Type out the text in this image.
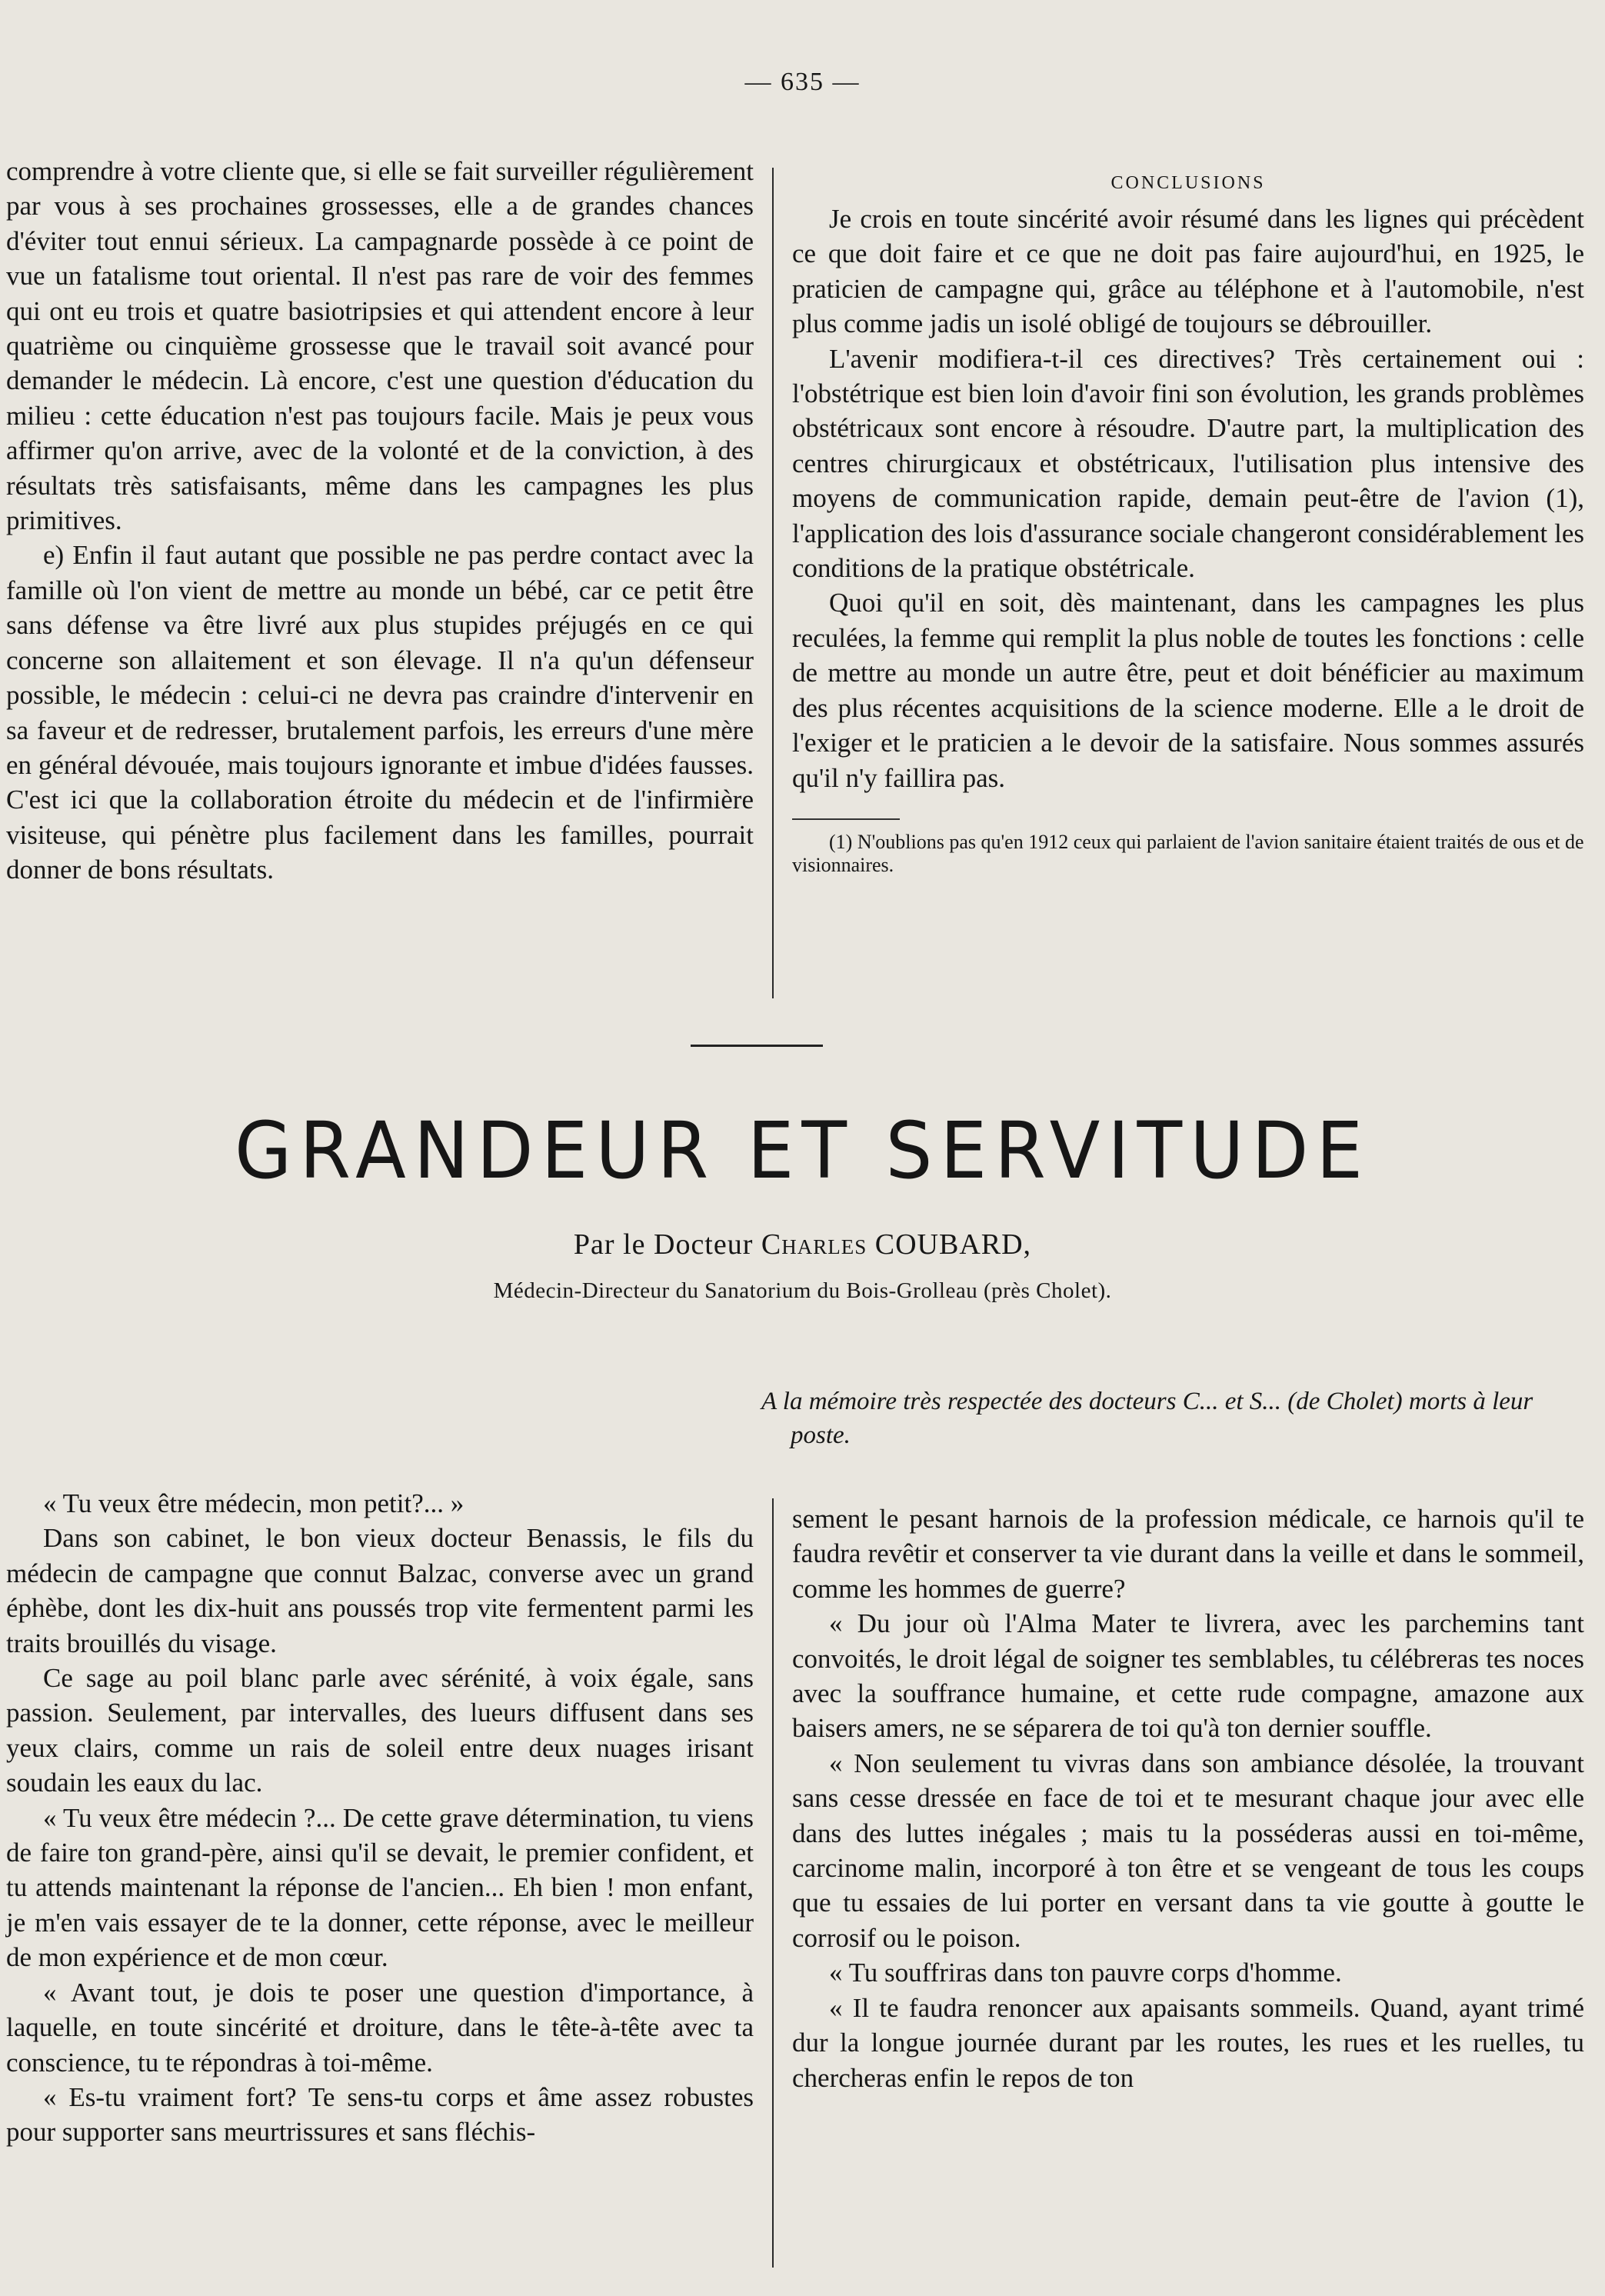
— 635 —

comprendre à votre cliente que, si elle se fait surveiller régulièrement par vous à ses prochaines grossesses, elle a de grandes chances d'éviter tout ennui sérieux. La campagnarde possède à ce point de vue un fatalisme tout oriental. Il n'est pas rare de voir des femmes qui ont eu trois et quatre basiotripsies et qui attendent encore à leur quatrième ou cinquième grossesse que le travail soit avancé pour demander le médecin. Là encore, c'est une question d'éducation du milieu : cette éducation n'est pas toujours facile. Mais je peux vous affirmer qu'on arrive, avec de la volonté et de la conviction, à des résultats très satisfaisants, même dans les campagnes les plus primitives.

e) Enfin il faut autant que possible ne pas perdre contact avec la famille où l'on vient de mettre au monde un bébé, car ce petit être sans défense va être livré aux plus stupides préjugés en ce qui concerne son allaitement et son élevage. Il n'a qu'un défenseur possible, le médecin : celui-ci ne devra pas craindre d'intervenir en sa faveur et de redresser, brutalement parfois, les erreurs d'une mère en général dévouée, mais toujours ignorante et imbue d'idées fausses. C'est ici que la collaboration étroite du médecin et de l'infirmière visiteuse, qui pénètre plus facilement dans les familles, pourrait donner de bons résultats.

CONCLUSIONS

Je crois en toute sincérité avoir résumé dans les lignes qui précèdent ce que doit faire et ce que ne doit pas faire aujourd'hui, en 1925, le praticien de campagne qui, grâce au téléphone et à l'automobile, n'est plus comme jadis un isolé obligé de toujours se débrouiller.

L'avenir modifiera-t-il ces directives? Très certainement oui : l'obstétrique est bien loin d'avoir fini son évolution, les grands problèmes obstétricaux sont encore à résoudre. D'autre part, la multiplication des centres chirurgicaux et obstétricaux, l'utilisation plus intensive des moyens de communication rapide, demain peut-être de l'avion (1), l'application des lois d'assurance sociale changeront considérablement les conditions de la pratique obstétricale.

Quoi qu'il en soit, dès maintenant, dans les campagnes les plus reculées, la femme qui remplit la plus noble de toutes les fonctions : celle de mettre au monde un autre être, peut et doit bénéficier au maximum des plus récentes acquisitions de la science moderne. Elle a le droit de l'exiger et le praticien a le devoir de la satisfaire. Nous sommes assurés qu'il n'y faillira pas.

(1) N'oublions pas qu'en 1912 ceux qui parlaient de l'avion sanitaire étaient traités de ous et de visionnaires.

GRANDEUR ET SERVITUDE
Par le Docteur Charles COUBARD,
Médecin-Directeur du Sanatorium du Bois-Grolleau (près Cholet).
A la mémoire très respectée des docteurs C... et S... (de Cholet) morts à leur poste.

« Tu veux être médecin, mon petit?... »

Dans son cabinet, le bon vieux docteur Benassis, le fils du médecin de campagne que connut Balzac, converse avec un grand éphèbe, dont les dix-huit ans poussés trop vite fermentent parmi les traits brouillés du visage.

Ce sage au poil blanc parle avec sérénité, à voix égale, sans passion. Seulement, par intervalles, des lueurs diffusent dans ses yeux clairs, comme un rais de soleil entre deux nuages irisant soudain les eaux du lac.

« Tu veux être médecin ?... De cette grave détermination, tu viens de faire ton grand-père, ainsi qu'il se devait, le premier confident, et tu attends maintenant la réponse de l'ancien... Eh bien ! mon enfant, je m'en vais essayer de te la donner, cette réponse, avec le meilleur de mon expérience et de mon cœur.

« Avant tout, je dois te poser une question d'importance, à laquelle, en toute sincérité et droiture, dans le tête-à-tête avec ta conscience, tu te répondras à toi-même.

« Es-tu vraiment fort? Te sens-tu corps et âme assez robustes pour supporter sans meurtrissures et sans fléchis-

sement le pesant harnois de la profession médicale, ce harnois qu'il te faudra revêtir et conserver ta vie durant dans la veille et dans le sommeil, comme les hommes de guerre?

« Du jour où l'Alma Mater te livrera, avec les parchemins tant convoités, le droit légal de soigner tes semblables, tu célébreras tes noces avec la souffrance humaine, et cette rude compagne, amazone aux baisers amers, ne se séparera de toi qu'à ton dernier souffle.

« Non seulement tu vivras dans son ambiance désolée, la trouvant sans cesse dressée en face de toi et te mesurant chaque jour avec elle dans des luttes inégales ; mais tu la posséderas aussi en toi-même, carcinome malin, incorporé à ton être et se vengeant de tous les coups que tu essaies de lui porter en versant dans ta vie goutte à goutte le corrosif ou le poison.

« Tu souffriras dans ton pauvre corps d'homme.

« Il te faudra renoncer aux apaisants sommeils. Quand, ayant trimé dur la longue journée durant par les routes, les rues et les ruelles, tu chercheras enfin le repos de ton
